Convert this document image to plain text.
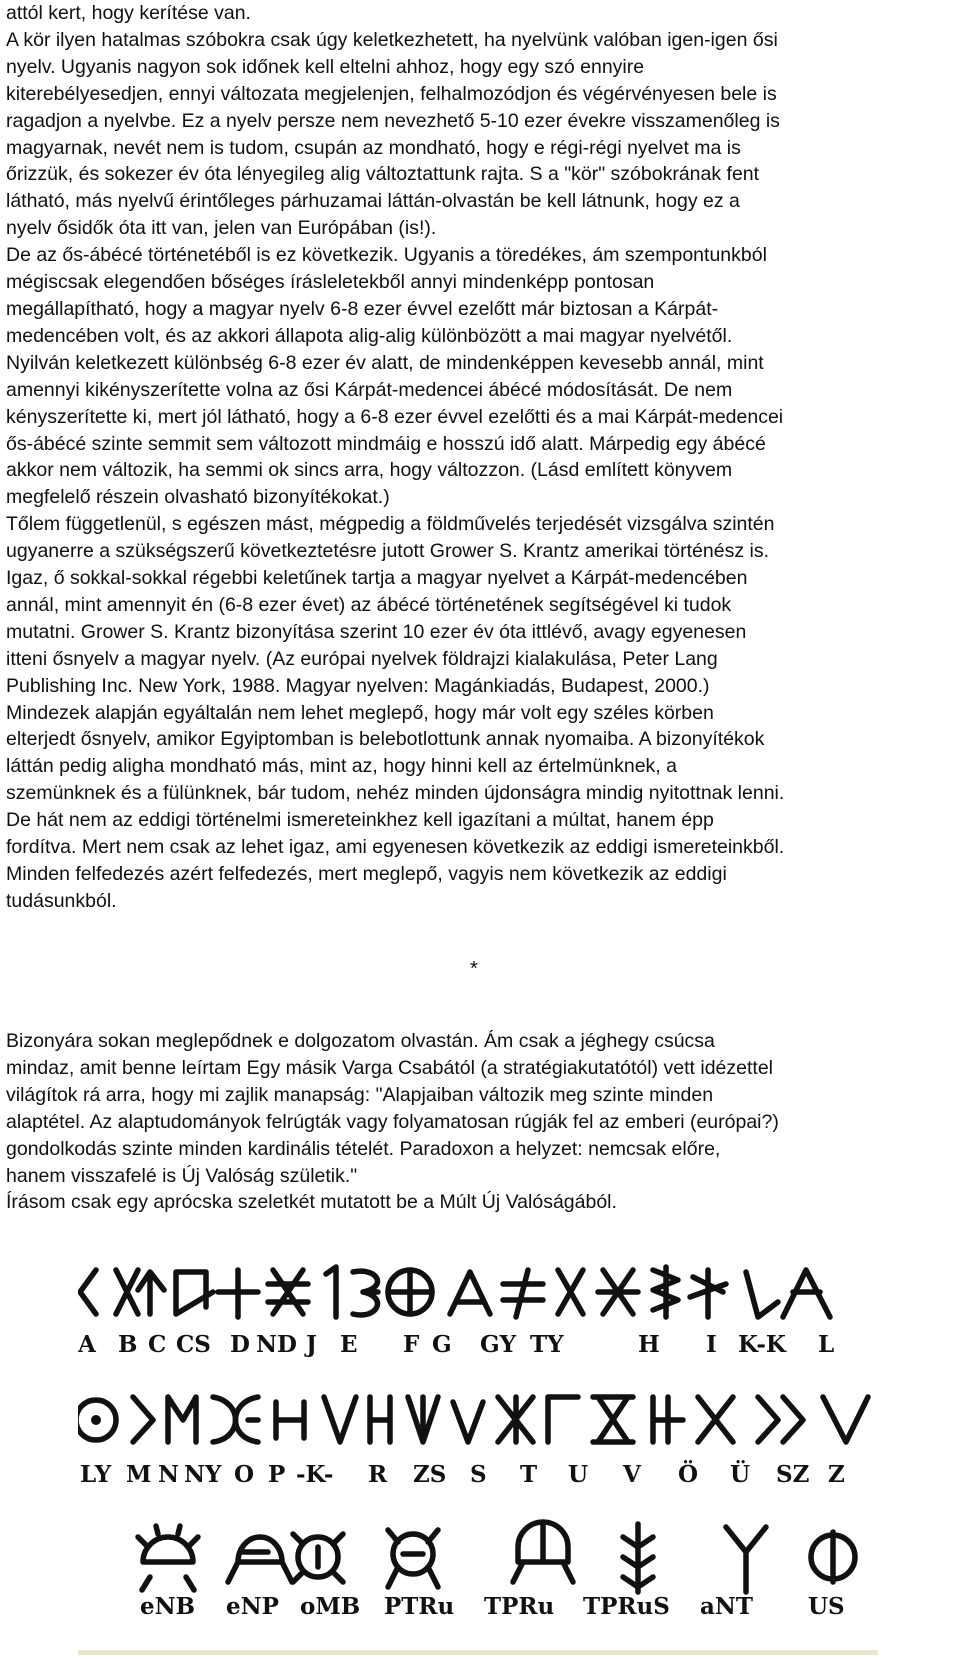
attól kert, hogy kerítése van.

A kör ilyen hatalmas szóbokra csak úgy keletkezhetett, ha nyelvünk valóban igen-igen ősi

nyelv. Ugyanis nagyon sok időnek kell eltelni ahhoz, hogy egy szó ennyire

kiterebélyesedjen, ennyi változata megjelenjen, felhalmozódjon és végérvényesen bele is

ragadjon a nyelvbe. Ez a nyelv persze nem nevezhető 5-10 ezer évekre visszamenőleg is

magyarnak, nevét nem is tudom, csupán az mondható, hogy e régi-régi nyelvet ma is

őrizzük, és sokezer év óta lényegileg alig változtattunk rajta. S a "kör" szóbokrának fent

látható, más nyelvű érintőleges párhuzamai láttán-olvastán be kell látnunk, hogy ez a

nyelv ősidők óta itt van, jelen van Európában (is!).

De az ős-ábécé történetéből is ez következik. Ugyanis a töredékes, ám szempontunkból

mégiscsak elegendően bőséges írásleletekből annyi mindenképp pontosan

megállapítható, hogy a magyar nyelv 6-8 ezer évvel ezelőtt már biztosan a Kárpát-

medencében volt, és az akkori állapota alig-alig különbözött a mai magyar nyelvétől.

Nyilván keletkezett különbség 6-8 ezer év alatt, de mindenképpen kevesebb annál, mint

amennyi kikényszerítette volna az ősi Kárpát-medencei ábécé módosítását. De nem

kényszerítette ki, mert jól látható, hogy a 6-8 ezer évvel ezelőtti és a mai Kárpát-medencei

ős-ábécé szinte semmit sem változott mindmáig e hosszú idő alatt. Márpedig egy ábécé

akkor nem változik, ha semmi ok sincs arra, hogy változzon. (Lásd említett könyvem

megfelelő részein olvasható bizonyítékokat.)

Tőlem függetlenül, s egészen mást, mégpedig a földművelés terjedését vizsgálva szintén

ugyanerre a szükségszerű következtetésre jutott Grower S. Krantz amerikai történész is.

Igaz, ő sokkal-sokkal régebbi keletűnek tartja a magyar nyelvet a Kárpát-medencében

annál, mint amennyit én (6-8 ezer évet) az ábécé történetének segítségével ki tudok

mutatni. Grower S. Krantz bizonyítása szerint 10 ezer év óta ittlévő, avagy egyenesen

itteni ősnyelv a magyar nyelv. (Az európai nyelvek földrajzi kialakulása, Peter Lang

Publishing Inc. New York, 1988. Magyar nyelven: Magánkiadás, Budapest, 2000.)

Mindezek alapján egyáltalán nem lehet meglepő, hogy már volt egy széles körben

elterjedt ősnyelv, amikor Egyiptomban is belebotlottunk annak nyomaiba. A bizonyítékok

láttán pedig aligha mondható más, mint az, hogy hinni kell az értelmünknek, a

szemünknek és a fülünknek, bár tudom, nehéz minden újdonságra mindig nyitottnak lenni.

De hát nem az eddigi történelmi ismereteinkhez kell igazítani a múltat, hanem épp

fordítva. Mert nem csak az lehet igaz, ami egyenesen következik az eddigi ismereteinkből.

Minden felfedezés azért felfedezés, mert meglepő, vagyis nem következik az eddigi

tudásunkból.

*

Bizonyára sokan meglepődnek e dolgozatom olvastán. Ám csak a jéghegy csúcsa

mindaz, amit benne leírtam Egy másik Varga Csabától (a stratégiakutatótól) vett idézettel

világítok rá arra, hogy mi zajlik manapság: "Alapjaiban változik meg szinte minden

alaptétel. Az alaptudományok felrúgták vagy folyamatosan rúgják fel az emberi (európai?)

gondolkodás szinte minden kardinális tételét. Paradoxon a helyzet: nemcsak előre,

hanem visszafelé is Új Valóság születik."

Írásom csak egy aprócska szeletkét mutatott be a Múlt Új Valóságából.

A B C CS D ND J E F G GY TY	H I K-K L
LY M N NY O P -K- R ZS S T U V Ö Ü SZ Z
eNB eNP oMB PTRu TPRu TPRuS aNT US
